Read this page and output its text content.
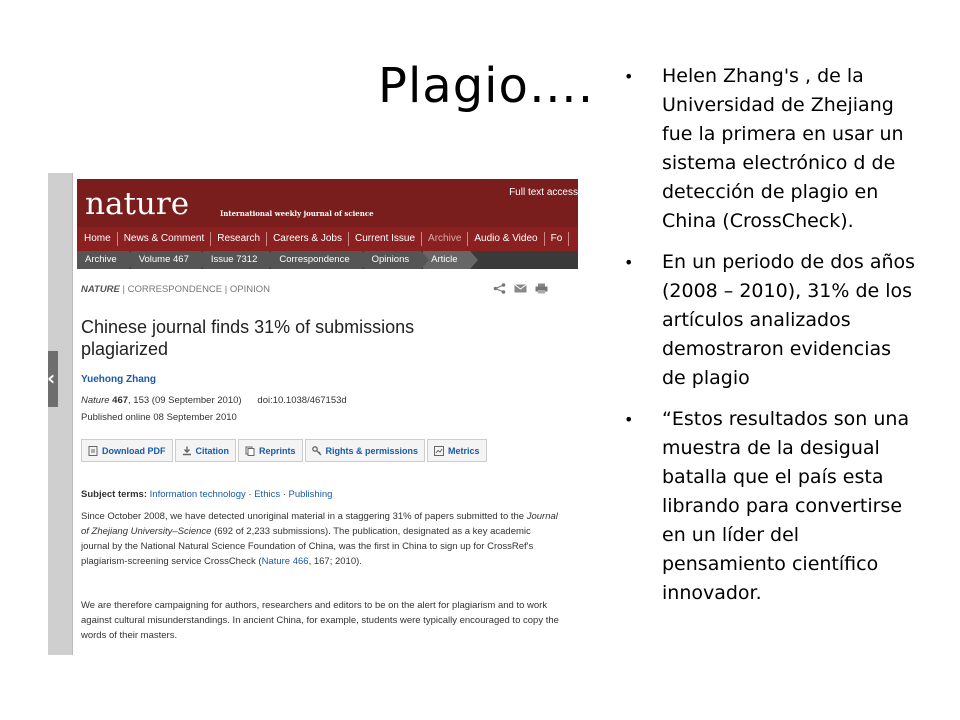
Plagio….
‹
nature	International weekly journal of science
Full text access
Home	News & Comment	Research	Careers & Jobs	Current Issue	Archive	Audio & Video	Fo
Archive	Volume 467	Issue 7312	Correspondence	Opinions	Article
NATURE | CORRESPONDENCE | OPINION
Chinese journal finds 31% of submissions plagiarized
Yuehong Zhang
Nature 467, 153 (09 September 2010) doi:10.1038/467153d
Published online 08 September 2010
Download PDF	Citation	Reprints	Rights & permissions	Metrics
Subject terms: Information technology · Ethics · Publishing
Since October 2008, we have detected unoriginal material in a staggering 31% of papers submitted to the Journal of Zhejiang University–Science (692 of 2,233 submissions). The publication, designated as a key academic journal by the National Natural Science Foundation of China, was the first in China to sign up for CrossRef's plagiarism-screening service CrossCheck (Nature 466, 167; 2010).
We are therefore campaigning for authors, researchers and editors to be on the alert for plagiarism and to work against cultural misunderstandings. In ancient China, for example, students were typically encouraged to copy the words of their masters.
• Helen Zhang's , de la Universidad de Zhejiang fue la primera en usar un sistema electrónico d de detección de plagio en China (CrossCheck).
• En un periodo de dos años (2008 – 2010), 31% de los artículos analizados demostraron evidencias de plagio
• “Estos resultados son una muestra de la desigual batalla que el país esta librando para convertirse en un líder del pensamiento científico innovador.
